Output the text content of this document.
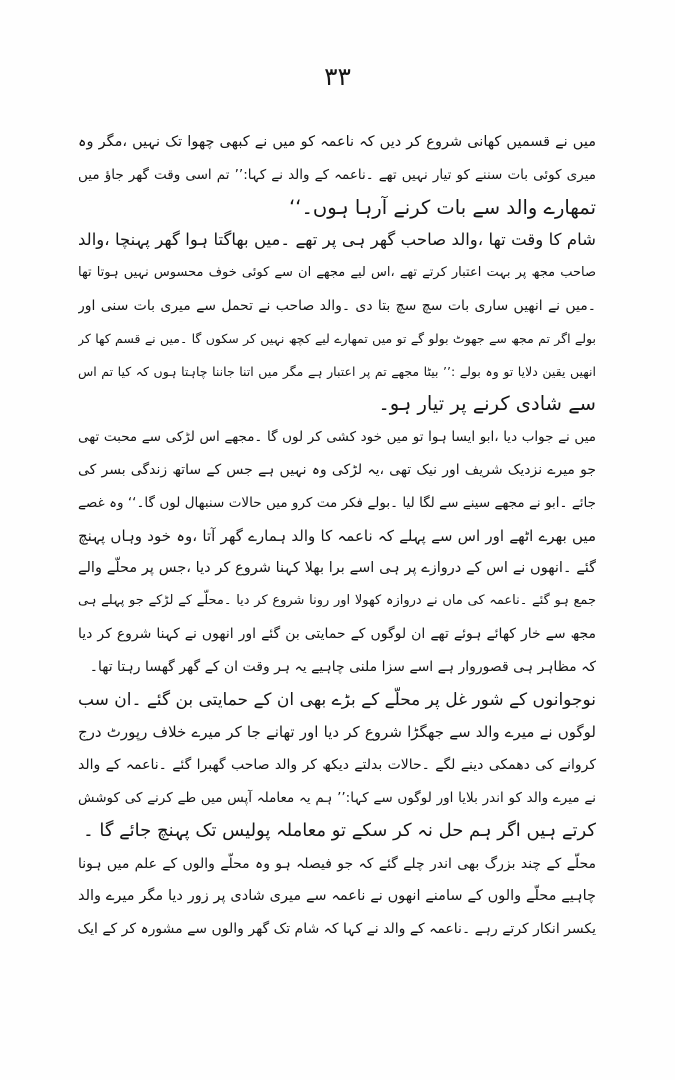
۳۳
میں نے قسمیں کھانی شروع کر دیں کہ ناعمہ کو میں نے کبھی چھوا تک نہیں ،مگر وہ
میری کوئی بات سننے کو تیار نہیں تھے ۔ناعمہ کے والد نے کہا:’’ تم اسی وقت گھر جاؤ میں
تمھارے والد سے بات کرنے آرہا ہوں۔‘‘
شام کا وقت تھا ،والد صاحب گھر ہی پر تھے ۔میں بھاگتا ہوا گھر پہنچا ،والد
صاحب مجھ پر بہت اعتبار کرتے تھے ،اس لیے مجھے ان سے کوئی خوف محسوس نہیں ہوتا تھا
۔میں نے انھیں ساری بات سچ سچ بتا دی ۔والد صاحب نے تحمل سے میری بات سنی اور
بولے اگر تم مجھ سے جھوٹ بولو گے تو میں تمھارے لیے کچھ نہیں کر سکوں گا ۔میں نے قسم کھا کر
انھیں یقین دلایا تو وہ بولے :’’ بیٹا مجھے تم پر اعتبار ہے مگر میں اتنا جاننا چاہتا ہوں کہ کیا تم اس
سے شادی کرنے پر تیار ہو۔
میں نے جواب دیا ،ابو ایسا ہوا تو میں خود کشی کر لوں گا ۔مجھے اس لڑکی سے محبت تھی
جو میرے نزدیک شریف اور نیک تھی ،یہ لڑکی وہ نہیں ہے جس کے ساتھ زندگی بسر کی
جائے ۔ابو نے مجھے سینے سے لگا لیا ۔بولے فکر مت کرو میں حالات سنبھال لوں گا۔‘‘ وہ غصے
میں بھرے اٹھے اور اس سے پہلے کہ ناعمہ کا والد ہمارے گھر آتا ،وہ خود وہاں پہنچ
گئے ۔انھوں نے اس کے دروازے پر ہی اسے برا بھلا کہنا شروع کر دیا ،جس پر محلّے والے
جمع ہو گئے ۔ناعمہ کی ماں نے دروازہ کھولا اور رونا شروع کر دیا ۔محلّے کے لڑکے جو پہلے ہی
مجھ سے خار کھائے ہوئے تھے ان لوگوں کے حمایتی بن گئے اور انھوں نے کہنا شروع کر دیا
کہ مظاہر ہی قصوروار ہے اسے سزا ملنی چاہیے یہ ہر وقت ان کے گھر گھسا رہتا تھا۔
نوجوانوں کے شور غل پر محلّے کے بڑے بھی ان کے حمایتی بن گئے ۔ان سب
لوگوں نے میرے والد سے جھگڑا شروع کر دیا اور تھانے جا کر میرے خلاف رپورٹ درج
کروانے کی دھمکی دینے لگے ۔حالات بدلتے دیکھ کر والد صاحب گھبرا گئے ۔ناعمہ کے والد
نے میرے والد کو اندر بلایا اور لوگوں سے کہا:’’ ہم یہ معاملہ آپس میں طے کرنے کی کوشش
کرتے ہیں اگر ہم حل نہ کر سکے تو معاملہ پولیس تک پہنچ جائے گا ۔
محلّے کے چند بزرگ بھی اندر چلے گئے کہ جو فیصلہ ہو وہ محلّے والوں کے علم میں ہونا
چاہیے محلّے والوں کے سامنے انھوں نے ناعمہ سے میری شادی پر زور دیا مگر میرے والد
یکسر انکار کرتے رہے ۔ناعمہ کے والد نے کہا کہ شام تک گھر والوں سے مشورہ کر کے ایک
